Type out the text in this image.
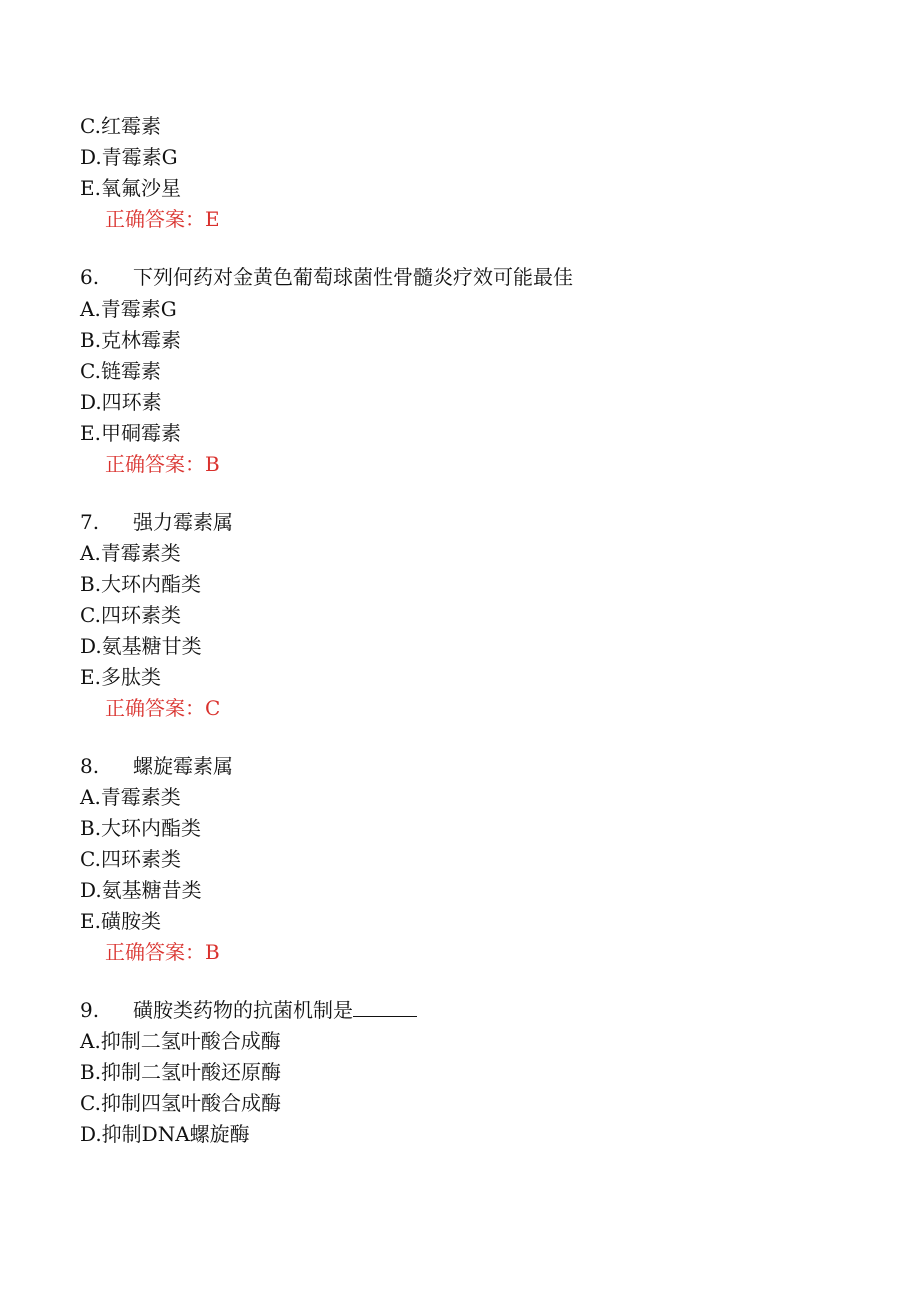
C.红霉素
D.青霉素G
E.氧氟沙星
正确答案：E
6. 下列何药对金黄色葡萄球菌性骨髓炎疗效可能最佳
A.青霉素G
B.克林霉素
C.链霉素
D.四环素
E.甲硐霉素
正确答案：B
7. 强力霉素属
A.青霉素类
B.大环内酯类
C.四环素类
D.氨基糖甘类
E.多肽类
正确答案：C
8. 螺旋霉素属
A.青霉素类
B.大环内酯类
C.四环素类
D.氨基糖昔类
E.磺胺类
正确答案：B
9. 磺胺类药物的抗菌机制是
A.抑制二氢叶酸合成酶
B.抑制二氢叶酸还原酶
C.抑制四氢叶酸合成酶
D.抑制DNA螺旋酶
